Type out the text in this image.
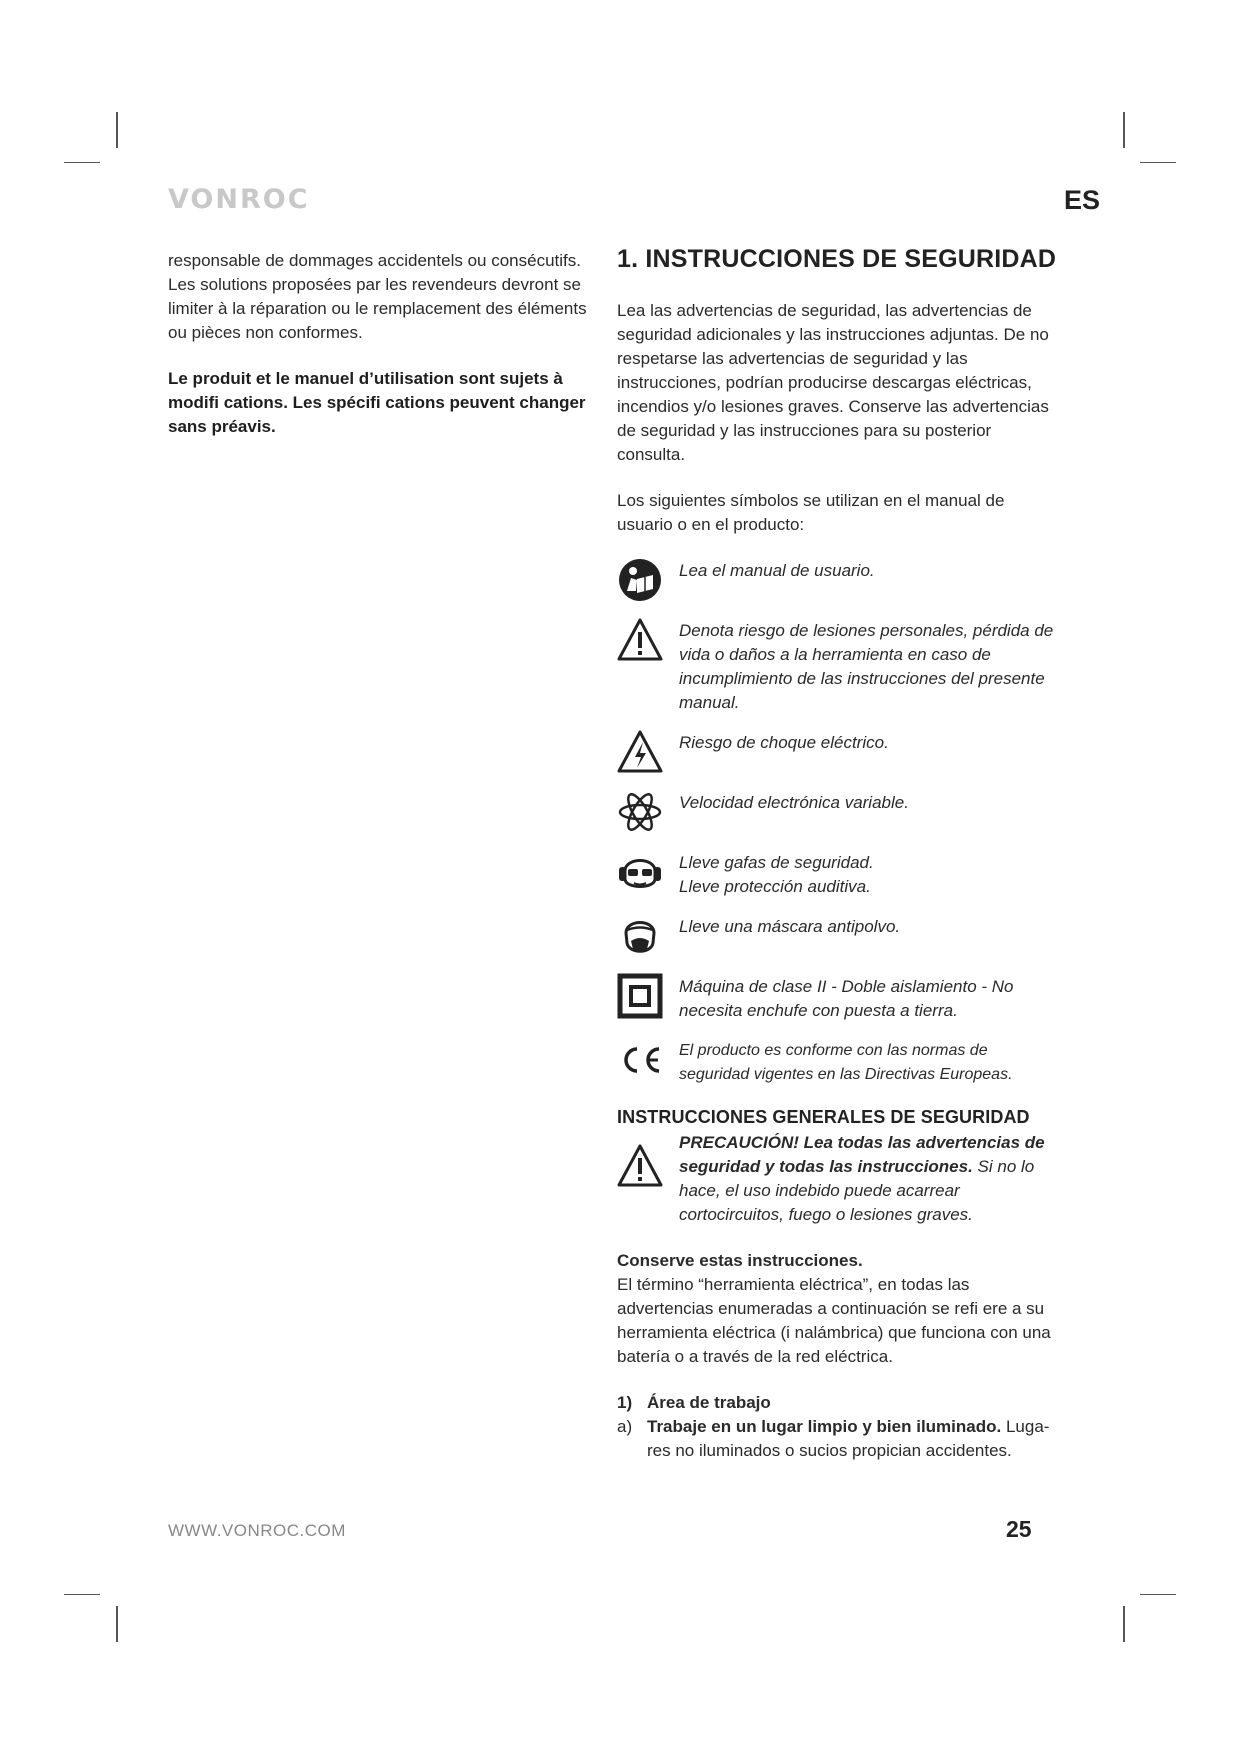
VONROC	ES

responsable de dommages accidentels ou consécutifs. Les solutions proposées par les revendeurs devront se limiter à la réparation ou le remplacement des éléments ou pièces non conformes.

Le produit et le manuel d’utilisation sont sujets à modifi cations. Les spécifi cations peuvent changer sans préavis.

1. INSTRUCCIONES DE SEGURIDAD

Lea las advertencias de seguridad, las advertencias de seguridad adicionales y las instrucciones adjuntas. De no respetarse las advertencias de seguridad y las instrucciones, podrían producirse descargas eléctricas, incendios y/o lesiones graves. Conserve las advertencias de seguridad y las instrucciones para su posterior consulta.

Los siguientes símbolos se utilizan en el manual de usuario o en el producto:

Lea el manual de usuario.
Denota riesgo de lesiones personales, pérdida de vida o daños a la herramienta en caso de incumplimiento de las instrucciones del presente manual.
Riesgo de choque eléctrico.
Velocidad electrónica variable.
Lleve gafas de seguridad.
Lleve protección auditiva.
Lleve una máscara antipolvo.
Máquina de clase II - Doble aislamiento - No necesita enchufe con puesta a tierra.
El producto es conforme con las normas de seguridad vigentes en las Directivas Europeas.
INSTRUCCIONES GENERALES DE SEGURIDAD
PRECAUCIÓN! Lea todas las advertencias de seguridad y todas las instrucciones. Si no lo hace, el uso indebido puede acarrear cortocircuitos, fuego o lesiones graves.
Conserve estas instrucciones.

El término “herramienta eléctrica”, en todas las advertencias enumeradas a continuación se refi ere a su herramienta eléctrica (i nalámbrica) que funciona con una batería o a través de la red eléctrica.

1) Área de trabajo
a) Trabaje en un lugar limpio y bien iluminado. Lugares no iluminados o sucios propician accidentes.
WWW.VONROC.COM	25
